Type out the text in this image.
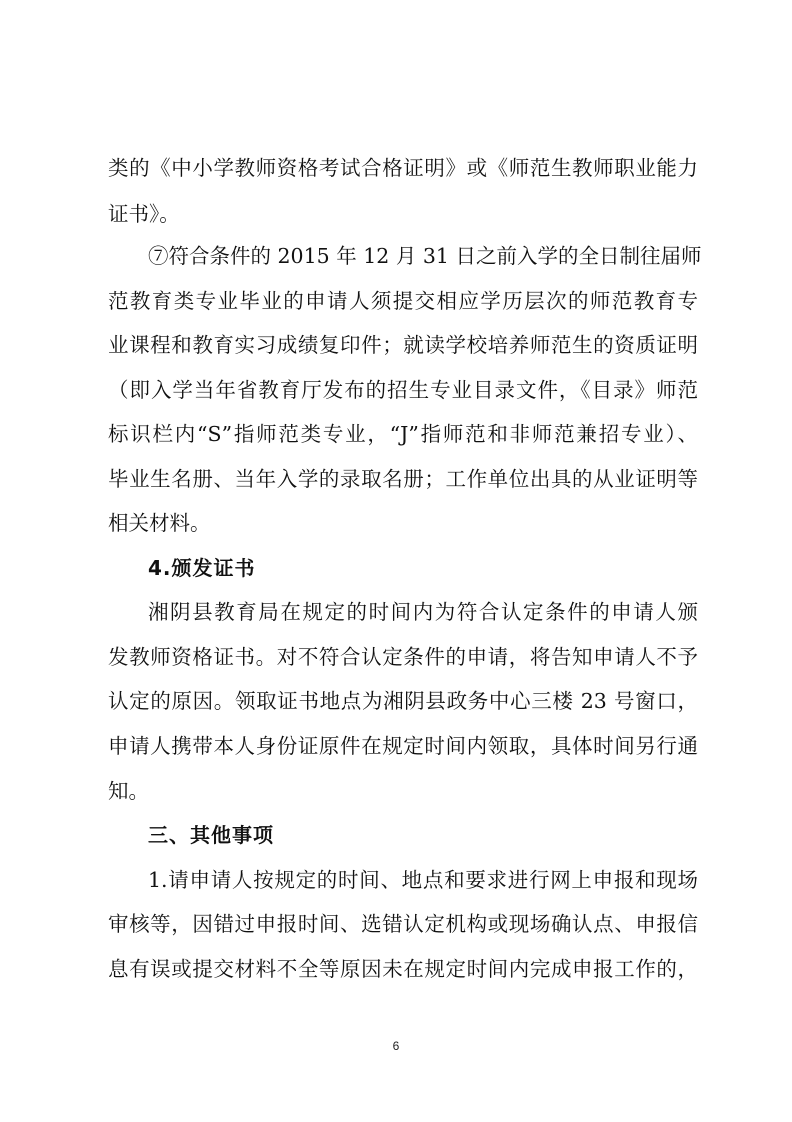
类的《中小学教师资格考试合格证明》或《师范生教师职业能力
证书》。
⑦符合条件的 2015 年 12 月 31 日之前入学的全日制往届师
范教育类专业毕业的申请人须提交相应学历层次的师范教育专
业课程和教育实习成绩复印件；就读学校培养师范生的资质证明
（即入学当年省教育厅发布的招生专业目录文件，《目录》师范
标识栏内“S”指师范类专业，“J”指师范和非师范兼招专业）、
毕业生名册、当年入学的录取名册；工作单位出具的从业证明等
相关材料。
4.颁发证书
湘阴县教育局在规定的时间内为符合认定条件的申请人颁
发教师资格证书。对不符合认定条件的申请，将告知申请人不予
认定的原因。领取证书地点为湘阴县政务中心三楼 23 号窗口，
申请人携带本人身份证原件在规定时间内领取，具体时间另行通
知。
三、其他事项
1.请申请人按规定的时间、地点和要求进行网上申报和现场
审核等，因错过申报时间、选错认定机构或现场确认点、申报信
息有误或提交材料不全等原因未在规定时间内完成申报工作的，
6
